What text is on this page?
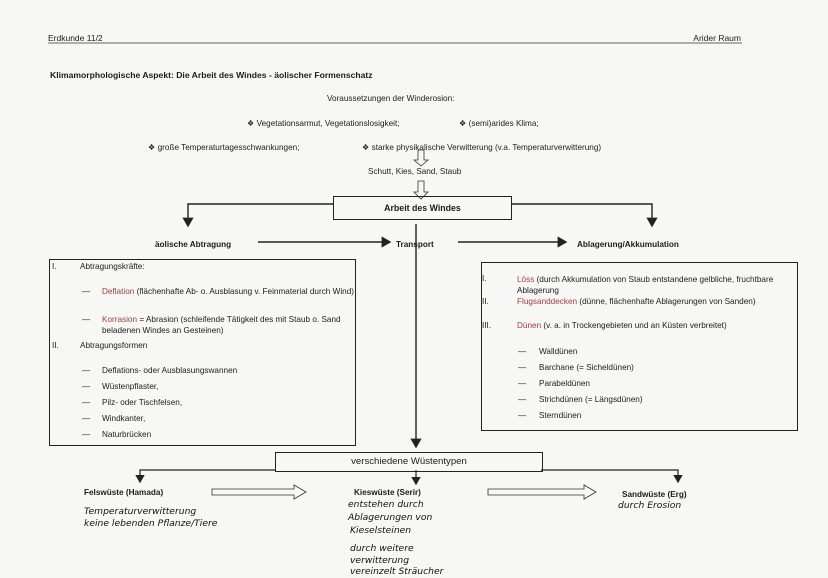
Erdkunde 11/2	Arider Raum
Klimamorphologische Aspekt: Die Arbeit des Windes - äolischer Formenschatz
Voraussetzungen der Winderosion:
❖ Vegetationsarmut, Vegetationslosigkeit;	❖ (semi)arides Klima;
❖ große Temperaturtagesschwankungen;	❖ starke physikalische Verwitterung (v.a. Temperaturverwitterung)
Schutt, Kies, Sand, Staub
Arbeit des Windes
äolische Abtragung	Transport	Ablagerung/Akkumulation
I.	Abtragungskräfte:
—	Deflation (flächenhafte Ab- o. Ausblasung v. Feinmaterial durch Wind)
—	Korrasion = Abrasion (schleifende Tätigkeit des mit Staub o. Sand beladenen Windes an Gesteinen)
II.	Abtragungsformen
— Deflations- oder Ausblasungswannen
— Wüstenpflaster,
— Pilz- oder Tischfelsen,
— Windkanter,
— Naturbrücken
I.	Löss (durch Akkumulation von Staub entstandene gelbliche, fruchtbare Ablagerung
II.	Flugsanddecken (dünne, flächenhafte Ablagerungen von Sanden)
III.	Dünen (v. a. in Trockengebieten und an Küsten verbreitet)
— Walldünen
— Barchane (= Sicheldünen)
— Parabeldünen
— Strichdünen (= Längsdünen)
— Sterndünen
verschiedene Wüstentypen
Felswüste (Hamada)	Kieswüste (Serir)	Sandwüste (Erg)
Temperaturverwitterung
keine lebenden Pflanze/Tiere
entstehen durch
Ablagerungen von
Kieselsteinen
durch weitere
verwitterung
vereinzelt Sträucher
durch Erosion
